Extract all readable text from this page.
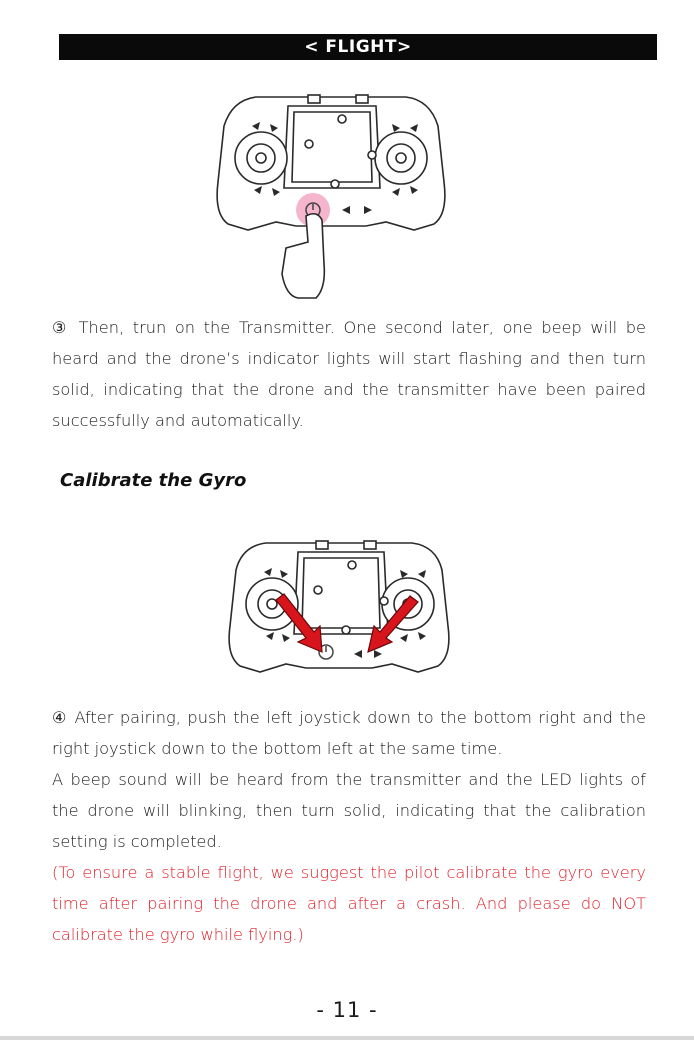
< FLIGHT>

③ Then, trun on the Transmitter. One second later, one beep will be heard and the drone’s indicator lights will start flashing and then turn solid, indicating that the drone and the transmitter have been paired successfully and automatically.

Calibrate the Gyro

④ After pairing, push the left joystick down to the bottom right and the right joystick down to the bottom left at the same time.

A beep sound will be heard from the transmitter and the LED lights of the drone will blinking, then turn solid, indicating that the calibration setting is completed.

(To ensure a stable flight, we suggest the pilot calibrate the gyro every time after pairing the drone and after a crash. And please do NOT calibrate the gyro while flying.)

- 11 -
